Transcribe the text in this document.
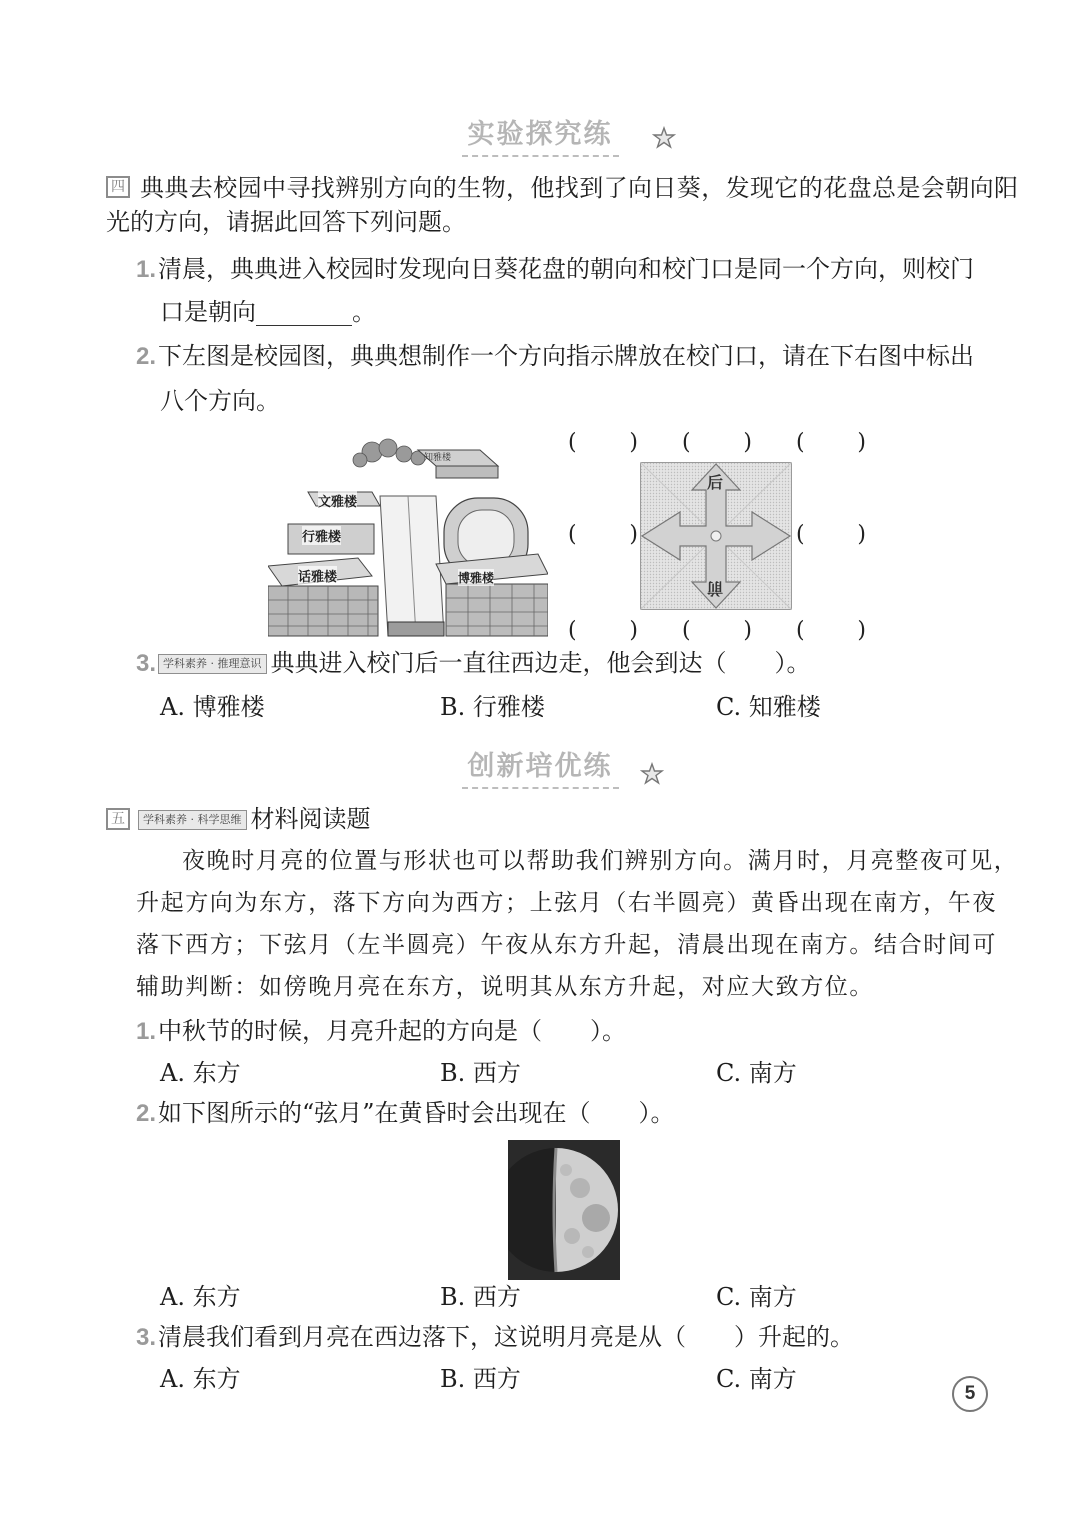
实验探究练
四 典典去校园中寻找辨别方向的生物，他找到了向日葵，发现它的花盘总是会朝向阳
光的方向，请据此回答下列问题。
1.清晨，典典进入校园时发现向日葵花盘的朝向和校门口是同一个方向，则校门
口是朝向	。
2.下左图是校园图，典典想制作一个方向指示牌放在校门口，请在下右图中标出
八个方向。
知雅楼
文雅楼
行雅楼
话雅楼	博雅楼
( ) ( ) ( )
( )	( )
( ) ( ) ( )
后
前
3. 学科素养 · 推理意识 典典进入校门后一直往西边走，他会到达（　　）。
A. 博雅楼	B. 行雅楼	C. 知雅楼
创新培优练
五	学科素养 · 科学思维 材料阅读题
夜晚时月亮的位置与形状也可以帮助我们辨别方向。满月时，月亮整夜可见，
升起方向为东方，落下方向为西方；上弦月（右半圆亮）黄昏出现在南方，午夜
落下西方；下弦月（左半圆亮）午夜从东方升起，清晨出现在南方。结合时间可
辅助判断：如傍晚月亮在东方，说明其从东方升起，对应大致方位。
1.中秋节的时候，月亮升起的方向是（　　）。
A. 东方	B. 西方	C. 南方
2.如下图所示的“弦月”在黄昏时会出现在（　　）。
A. 东方	B. 西方	C. 南方
3.清晨我们看到月亮在西边落下，这说明月亮是从（　　）升起的。
A. 东方	B. 西方	C. 南方
5
